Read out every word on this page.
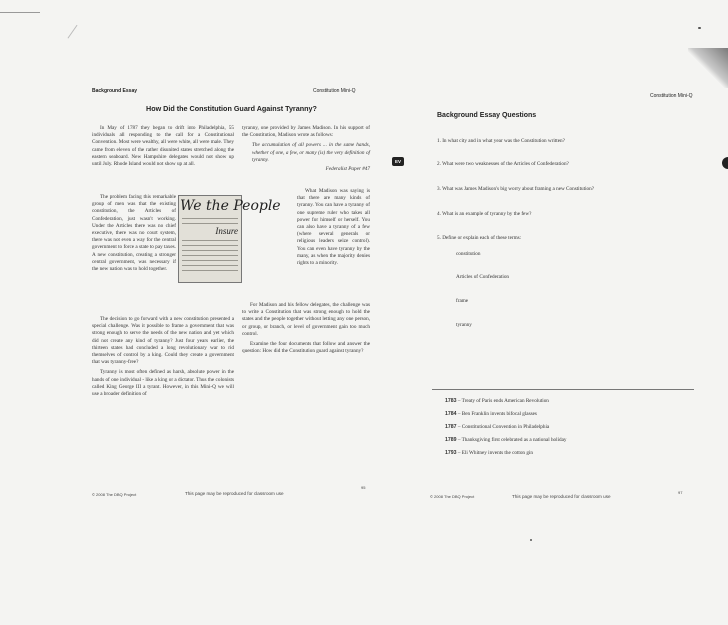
Background Essay	Constitution Mini-Q
How Did the Constitution Guard Against Tyranny?

In May of 1787 they began to drift into Philadelphia, 55 individuals all responding to the call for a Constitutional Convention. Most were wealthy, all were white, all were male. They came from eleven of the rather disunited states stretched along the eastern seaboard. New Hampshire delegates would not show up until July. Rhode Island would not show up at all.

The problem facing this remarkable group of men was that the existing constitution, the Articles of Confederation, just wasn't working. Under the Articles there was no chief executive, there was no court system, there was not even a way for the central government to force a state to pay taxes. A new constitution, creating a stronger central government, was necessary if the new nation was to hold together.

The decision to go forward with a new constitution presented a special challenge. Was it possible to frame a government that was strong enough to serve the needs of the new nation and yet which did not create any kind of tyranny? Just four years earlier, the thirteen states had concluded a long revolutionary war to rid themselves of control by a king. Could they create a government that was tyranny-free?

Tyranny is most often defined as harsh, absolute power in the hands of one individual - like a king or a dictator. Thus the colonists called King George III a tyrant. However, in this Mini-Q we will use a broader definition of

We the People
Insure

tyranny, one provided by James Madison. In his support of the Constitution, Madison wrote as follows:

The accumulation of all powers ... in the same hands, whether of one, a few, or many (is) the very definition of tyranny.
Federalist Paper #47

What Madison was saying is that there are many kinds of tyranny. You can have a tyranny of one supreme ruler who takes all power for himself or herself. You can also have a tyranny of a few (where several generals or religious leaders seize control). You can even have tyranny by the many, as when the majority denies rights to a minority.

For Madison and his fellow delegates, the challenge was to write a Constitution that was strong enough to hold the states and the people together without letting any one person, or group, or branch, or level of government gain too much control.

Examine the four documents that follow and answer the question: How did the Constitution guard against tyranny?

© 2008 The DBQ Project	This page may be reproduced for classroom use
95
EV
Constitution Mini-Q
Background Essay Questions
1. In what city and in what year was the Constitution written?
2. What were two weaknesses of the Articles of Confederation?
3. What was James Madison's big worry about framing a new Constitution?
4. What is an example of tyranny by the few?
5. Define or explain each of these terms:
constitution
Articles of Confederation
frame
tyranny
1783 – Treaty of Paris ends American Revolution
1784 – Ben Franklin invents bifocal glasses
1787 – Constitutional Convention in Philadelphia
1789 – Thanksgiving first celebrated as a national holiday
1793 – Eli Whitney invents the cotton gin
© 2008 The DBQ Project	This page may be reproduced for classroom use
97
